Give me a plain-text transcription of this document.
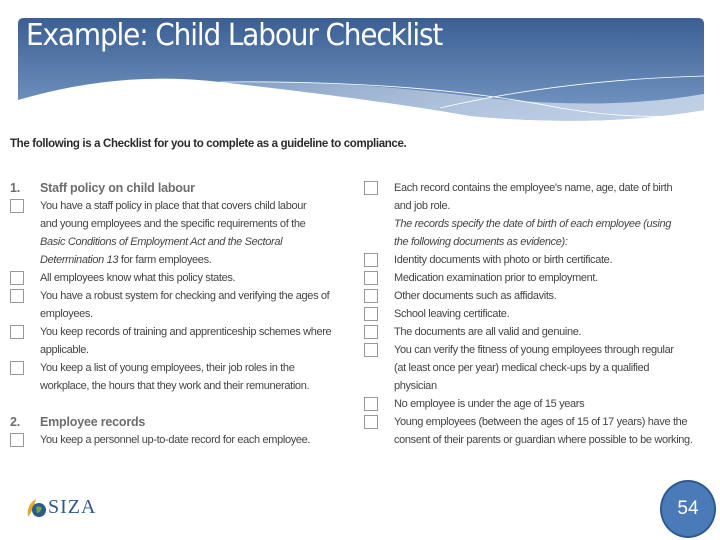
Example: Child Labour Checklist
The following is a Checklist for you to complete as a guideline to compliance.
1. Staff policy on child labour
You have a staff policy in place that that covers child labour
and young employees and the specific requirements of the
Basic Conditions of Employment Act and the Sectoral
Determination 13 for farm employees.
All employees know what this policy states.
You have a robust system for checking and verifying the ages of
employees.
You keep records of training and apprenticeship schemes where
applicable.
You keep a list of young employees, their job roles in the
workplace, the hours that they work and their remuneration.
2. Employee records
You keep a personnel up-to-date record for each employee.
Each record contains the employee's name, age, date of birth
and job role.
The records specify the date of birth of each employee (using
the following documents as evidence):
Identity documents with photo or birth certificate.
Medication examination prior to employment.
Other documents such as affidavits.
School leaving certificate.
The documents are all valid and genuine.
You can verify the fitness of young employees through regular
(at least once per year) medical check-ups by a qualified
physician
No employee is under the age of 15 years
Young employees (between the ages of 15 of 17 years) have the
consent of their parents or guardian where possible to be working.
SIZA	54
